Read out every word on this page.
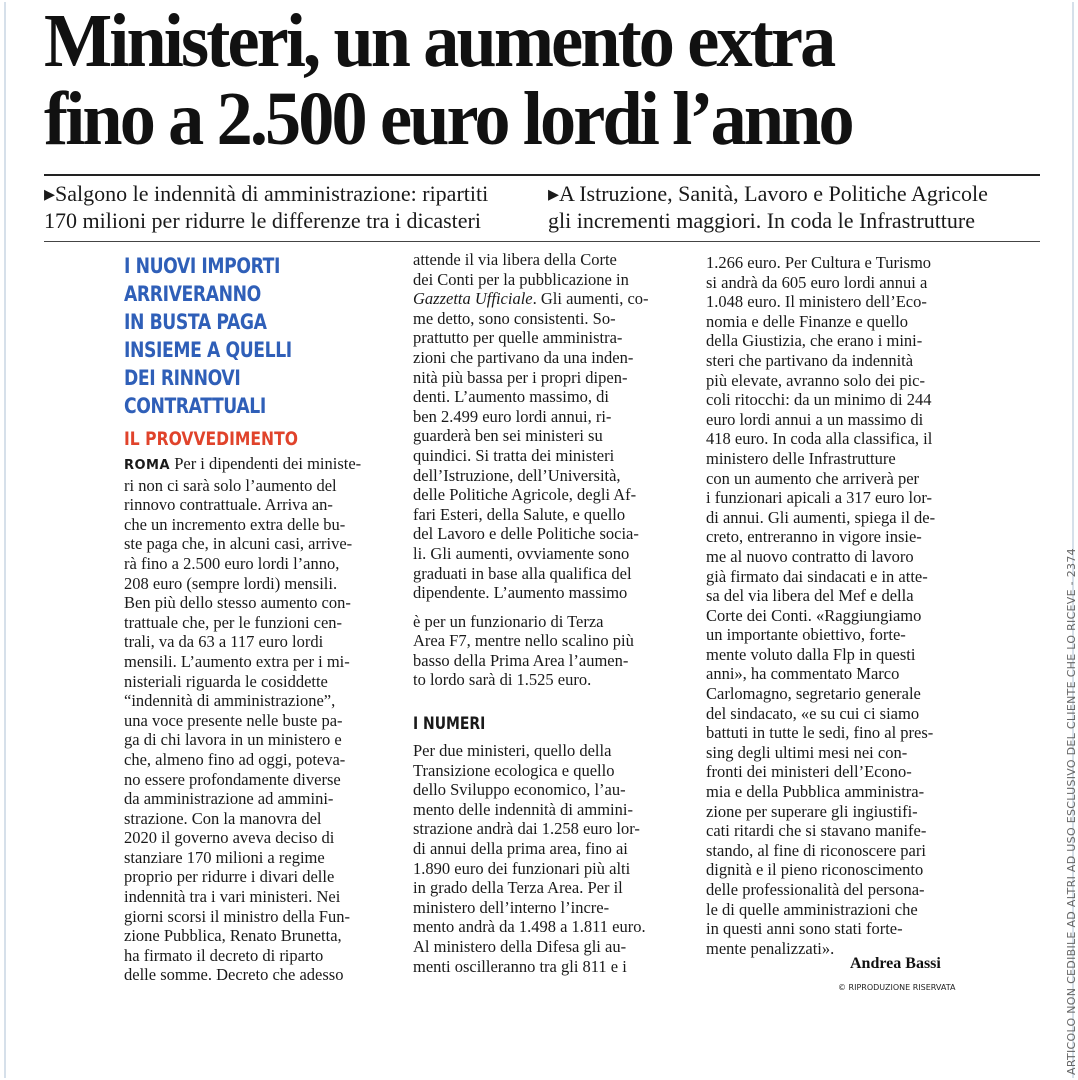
Ministeri, un aumento extra
fino a 2.500 euro lordi l’anno
▸Salgono le indennità di amministrazione: ripartiti
170 milioni per ridurre le differenze tra i dicasteri
▸A Istruzione, Sanità, Lavoro e Politiche Agricole
gli incrementi maggiori. In coda le Infrastrutture
I NUOVI IMPORTI
ARRIVERANNO
IN BUSTA PAGA
INSIEME A QUELLI
DEI RINNOVI
CONTRATTUALI
IL PROVVEDIMENTO
ROMA Per i dipendenti dei ministe-
ri non ci sarà solo l’aumento del
rinnovo contrattuale. Arriva an-
che un incremento extra delle bu-
ste paga che, in alcuni casi, arrive-
rà fino a 2.500 euro lordi l’anno,
208 euro (sempre lordi) mensili.
Ben più dello stesso aumento con-
trattuale che, per le funzioni cen-
trali, va da 63 a 117 euro lordi
mensili. L’aumento extra per i mi-
nisteriali riguarda le cosiddette
“indennità di amministrazione”,
una voce presente nelle buste pa-
ga di chi lavora in un ministero e
che, almeno fino ad oggi, poteva-
no essere profondamente diverse
da amministrazione ad ammini-
strazione. Con la manovra del
2020 il governo aveva deciso di
stanziare 170 milioni a regime
proprio per ridurre i divari delle
indennità tra i vari ministeri. Nei
giorni scorsi il ministro della Fun-
zione Pubblica, Renato Brunetta,
ha firmato il decreto di riparto
delle somme. Decreto che adesso
attende il via libera della Corte
dei Conti per la pubblicazione in
Gazzetta Ufficiale. Gli aumenti, co-
me detto, sono consistenti. So-
prattutto per quelle amministra-
zioni che partivano da una inden-
nità più bassa per i propri dipen-
denti. L’aumento massimo, di
ben 2.499 euro lordi annui, ri-
guarderà ben sei ministeri su
quindici. Si tratta dei ministeri
dell’Istruzione, dell’Università,
delle Politiche Agricole, degli Af-
fari Esteri, della Salute, e quello
del Lavoro e delle Politiche socia-
li. Gli aumenti, ovviamente sono
graduati in base alla qualifica del
dipendente. L’aumento massimo
è per un funzionario di Terza
Area F7, mentre nello scalino più
basso della Prima Area l’aumen-
to lordo sarà di 1.525 euro.
I NUMERI
Per due ministeri, quello della
Transizione ecologica e quello
dello Sviluppo economico, l’au-
mento delle indennità di ammini-
strazione andrà dai 1.258 euro lor-
di annui della prima area, fino ai
1.890 euro dei funzionari più alti
in grado della Terza Area. Per il
ministero dell’interno l’incre-
mento andrà da 1.498 a 1.811 euro.
Al ministero della Difesa gli au-
menti oscilleranno tra gli 811 e i
1.266 euro. Per Cultura e Turismo
si andrà da 605 euro lordi annui a
1.048 euro. Il ministero dell’Eco-
nomia e delle Finanze e quello
della Giustizia, che erano i mini-
steri che partivano da indennità
più elevate, avranno solo dei pic-
coli ritocchi: da un minimo di 244
euro lordi annui a un massimo di
418 euro. In coda alla classifica, il
ministero delle Infrastrutture
con un aumento che arriverà per
i funzionari apicali a 317 euro lor-
di annui. Gli aumenti, spiega il de-
creto, entreranno in vigore insie-
me al nuovo contratto di lavoro
già firmato dai sindacati e in atte-
sa del via libera del Mef e della
Corte dei Conti. «Raggiungiamo
un importante obiettivo, forte-
mente voluto dalla Flp in questi
anni», ha commentato Marco
Carlomagno, segretario generale
del sindacato, «e su cui ci siamo
battuti in tutte le sedi, fino al pres-
sing degli ultimi mesi nei con-
fronti dei ministeri dell’Econo-
mia e della Pubblica amministra-
zione per superare gli ingiustifi-
cati ritardi che si stavano manife-
stando, al fine di riconoscere pari
dignità e il pieno riconoscimento
delle professionalità del persona-
le di quelle amministrazioni che
in questi anni sono stati forte-
mente penalizzati».
Andrea Bassi
© RIPRODUZIONE RISERVATA	ARTICOLO NON CEDIBILE AD ALTRI AD USO ESCLUSIVO DEL CLIENTE CHE LO RICEVE - 2374
